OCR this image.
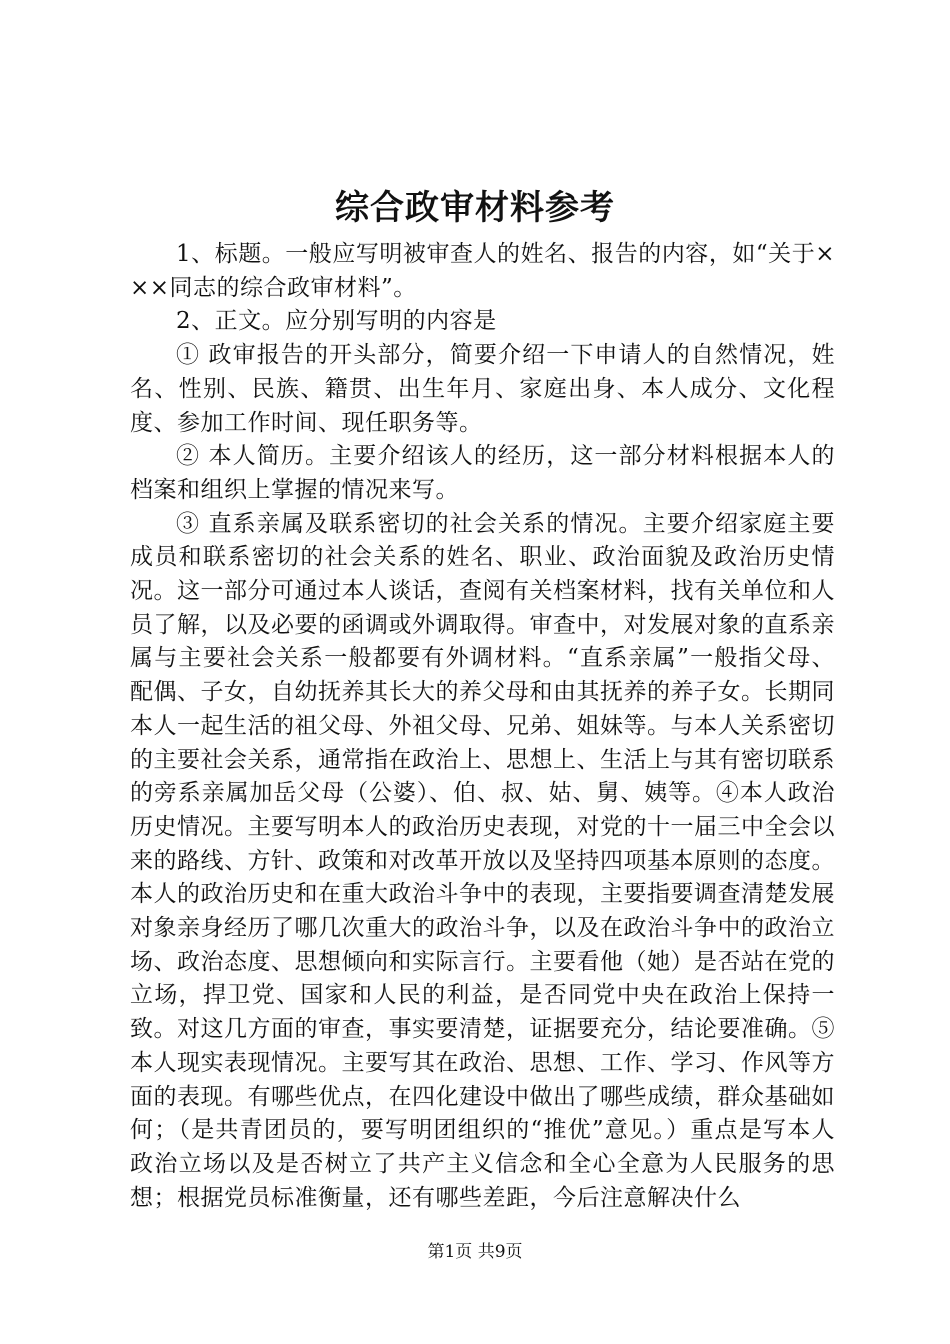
综合政审材料参考

1、标题。一般应写明被审查人的姓名、报告的内容，如“关于×××同志的综合政审材料”。

2、正文。应分别写明的内容是

① 政审报告的开头部分，简要介绍一下申请人的自然情况，姓名、性别、民族、籍贯、出生年月、家庭出身、本人成分、文化程度、参加工作时间、现任职务等。

② 本人简历。主要介绍该人的经历，这一部分材料根据本人的档案和组织上掌握的情况来写。

③ 直系亲属及联系密切的社会关系的情况。主要介绍家庭主要成员和联系密切的社会关系的姓名、职业、政治面貌及政治历史情况。这一部分可通过本人谈话，查阅有关档案材料，找有关单位和人员了解，以及必要的函调或外调取得。审查中，对发展对象的直系亲属与主要社会关系一般都要有外调材料。“直系亲属”一般指父母、配偶、子女，自幼抚养其长大的养父母和由其抚养的养子女。长期同本人一起生活的祖父母、外祖父母、兄弟、姐妹等。与本人关系密切的主要社会关系，通常指在政治上、思想上、生活上与其有密切联系的旁系亲属加岳父母（公婆）、伯、叔、姑、舅、姨等。④本人政治历史情况。主要写明本人的政治历史表现，对党的十一届三中全会以来的路线、方针、政策和对改革开放以及坚持四项基本原则的态度。本人的政治历史和在重大政治斗争中的表现，主要指要调查清楚发展对象亲身经历了哪几次重大的政治斗争，以及在政治斗争中的政治立场、政治态度、思想倾向和实际言行。主要看他（她）是否站在党的立场，捍卫党、国家和人民的利益，是否同党中央在政治上保持一致。对这几方面的审查，事实要清楚，证据要充分，结论要准确。⑤本人现实表现情况。主要写其在政治、思想、工作、学习、作风等方面的表现。有哪些优点，在四化建设中做出了哪些成绩，群众基础如何；（是共青团员的，要写明团组织的“推优”意见。）重点是写本人政治立场以及是否树立了共产主义信念和全心全意为人民服务的思想；根据党员标准衡量，还有哪些差距，今后注意解决什么

第1页 共9页
